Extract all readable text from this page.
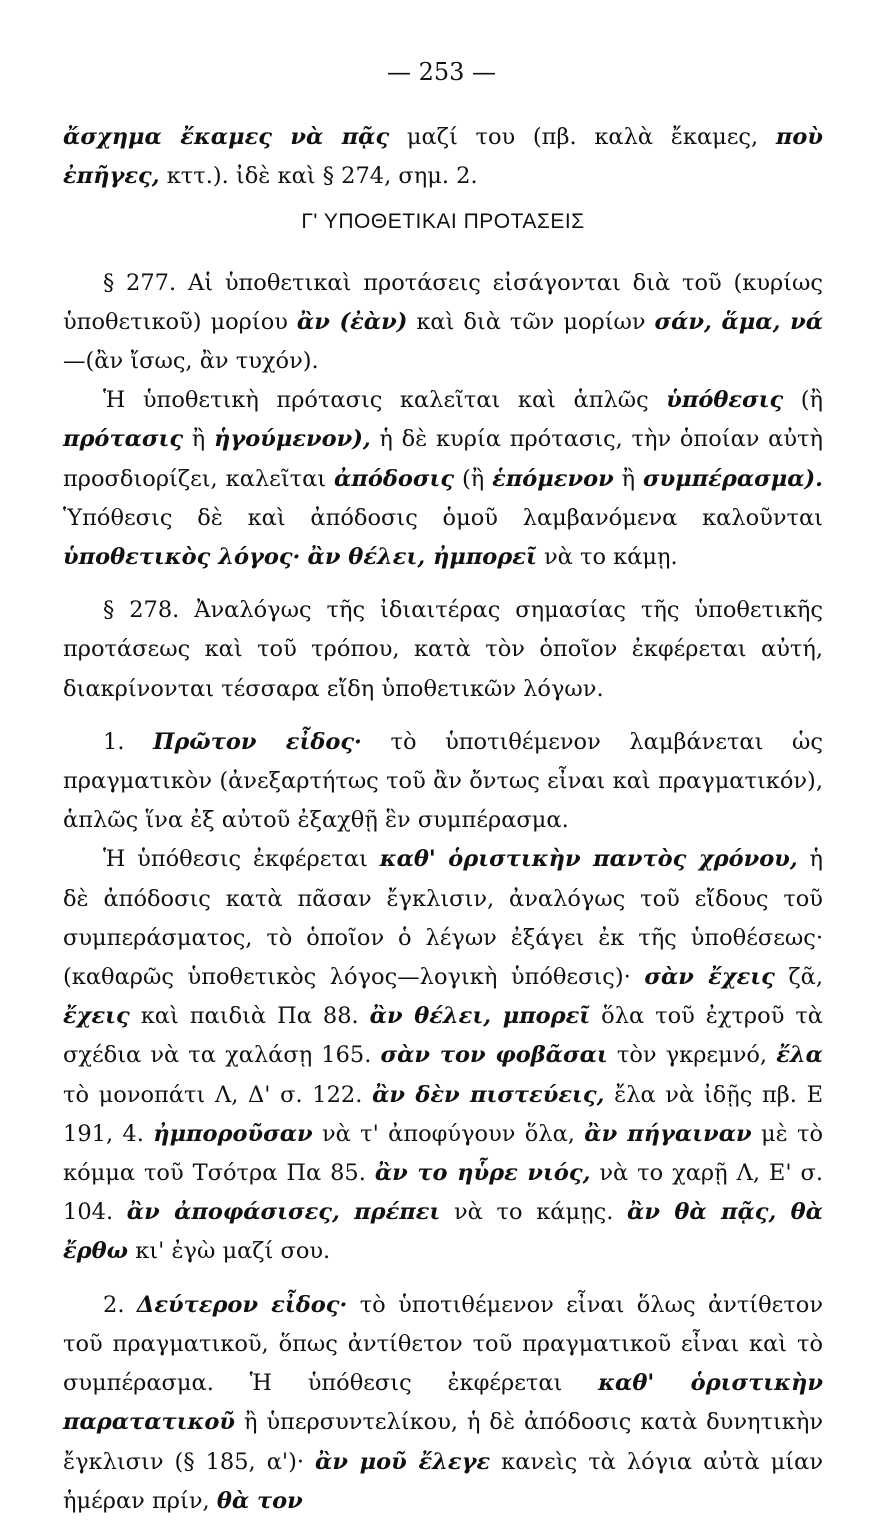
— 253 —

ἄσχημα ἔκαμες νὰ πᾷς μαζί του (πβ. καλὰ ἔκαμες, ποὺ ἐπῆγες, κττ.). ἰδὲ καὶ § 274, σημ. 2.

Γ' ΥΠΟΘΕΤΙΚΑΙ ΠΡΟΤΑΣΕΙΣ

§ 277. Αἱ ὑποθετικαὶ προτάσεις εἰσάγονται διὰ τοῦ (κυρίως ὑποθετικοῦ) μορίου ἂν (ἐὰν) καὶ διὰ τῶν μορίων σάν, ἅμα, νά—(ἂν ἴσως, ἂν τυχόν).

Ἡ ὑποθετικὴ πρότασις καλεῖται καὶ ἁπλῶς ὑπόθεσις (ἢ πρότασις ἢ ἡγούμενον), ἡ δὲ κυρία πρότασις, τὴν ὁποίαν αὐτὴ προσδιορίζει, καλεῖται ἀπόδοσις (ἢ ἑπόμενον ἢ συμπέρασμα). Ὑπόθεσις δὲ καὶ ἀπόδοσις ὁμοῦ λαμβανόμενα καλοῦνται ὑποθετικὸς λόγος· ἂν θέλει, ἠμπορεῖ νὰ το κάμῃ.

§ 278. Ἀναλόγως τῆς ἰδιαιτέρας σημασίας τῆς ὑποθετικῆς προτάσεως καὶ τοῦ τρόπου, κατὰ τὸν ὁποῖον ἐκφέρεται αὐτή, διακρίνονται τέσσαρα εἴδη ὑποθετικῶν λόγων.

1. Πρῶτον εἶδος· τὸ ὑποτιθέμενον λαμβάνεται ὡς πραγματικὸν (ἀνεξαρτήτως τοῦ ἂν ὄντως εἶναι καὶ πραγματικόν), ἁπλῶς ἵνα ἐξ αὐτοῦ ἐξαχθῇ ἓν συμπέρασμα.

Ἡ ὑπόθεσις ἐκφέρεται καθ' ὁριστικὴν παντὸς χρόνου, ἡ δὲ ἀπόδοσις κατὰ πᾶσαν ἔγκλισιν, ἀναλόγως τοῦ εἴδους τοῦ συμπεράσματος, τὸ ὁποῖον ὁ λέγων ἐξάγει ἐκ τῆς ὑποθέσεως· (καθαρῶς ὑποθετικὸς λόγος—λογικὴ ὑπόθεσις)· σὰν ἔχεις ζᾶ, ἔχεις καὶ παιδιὰ Πα 88. ἂν θέλει, μπορεῖ ὅλα τοῦ ἐχτροῦ τὰ σχέδια νὰ τα χαλάσῃ 165. σὰν τον φοβᾶσαι τὸν γκρεμνό, ἔλα τὸ μονοπάτι Λ, Δ' σ. 122. ἂν δὲν πιστεύεις, ἔλα νὰ ἰδῇς πβ. Ε 191, 4. ἠμποροῦσαν νὰ τ' ἀποφύγουν ὅλα, ἂν πήγαιναν μὲ τὸ κόμμα τοῦ Τσότρα Πα 85. ἂν το ηὗρε νιός, νὰ το χαρῇ Λ, Ε' σ. 104. ἂν ἀποφάσισες, πρέπει νὰ το κάμῃς. ἂν θὰ πᾷς, θὰ ἔρθω κι' ἐγὼ μαζί σου.

2. Δεύτερον εἶδος· τὸ ὑποτιθέμενον εἶναι ὅλως ἀντίθετον τοῦ πραγματικοῦ, ὅπως ἀντίθετον τοῦ πραγματικοῦ εἶναι καὶ τὸ συμπέρασμα. Ἡ ὑπόθεσις ἐκφέρεται καθ' ὁριστικὴν παρατατικοῦ ἢ ὑπερσυντελίκου, ἡ δὲ ἀπόδοσις κατὰ δυνητικὴν ἔγκλισιν (§ 185, α')· ἂν μοῦ ἔλεγε κανεὶς τὰ λόγια αὐτὰ μίαν ἡμέραν πρίν, θὰ τον
